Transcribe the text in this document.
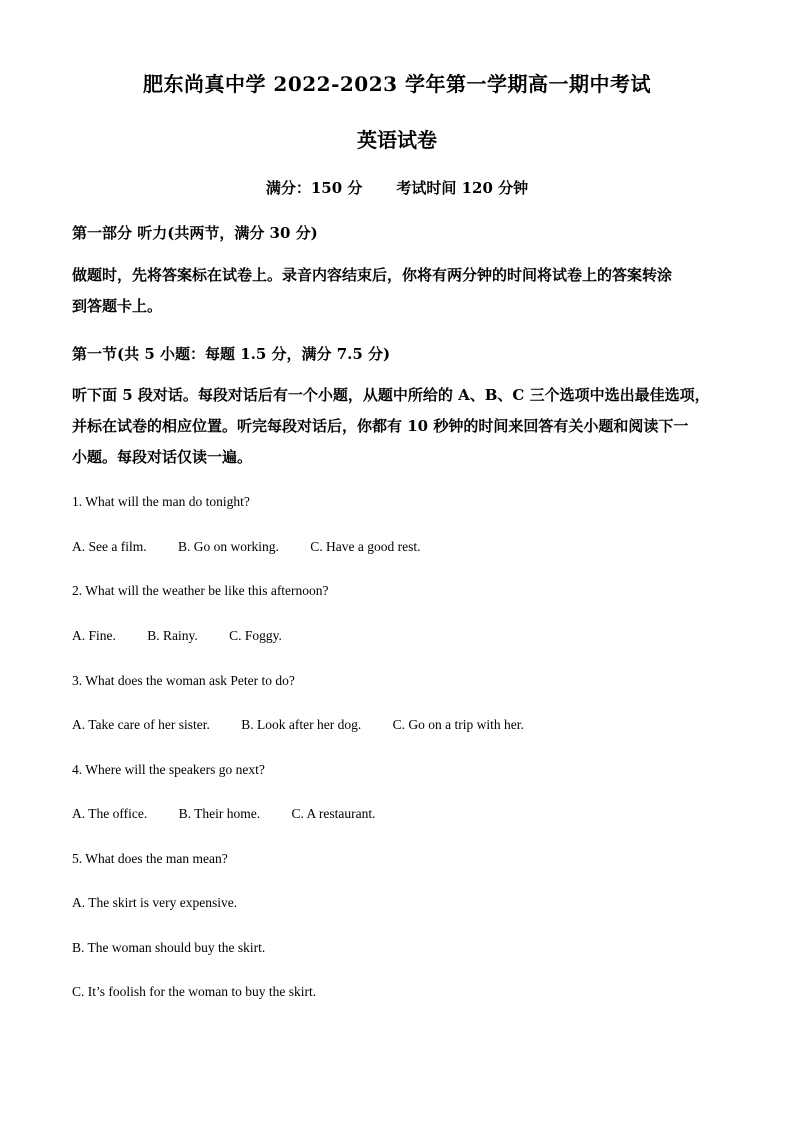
肥东尚真中学 2022-2023 学年第一学期高一期中考试
英语试卷
满分：150 分 考试时间 120 分钟
第一部分 听力(共两节，满分 30 分)
做题时，先将答案标在试卷上。录音内容结束后，你将有两分钟的时间将试卷上的答案转涂
到答题卡上。
第一节(共 5 小题：每题 1.5 分，满分 7.5 分)
听下面 5 段对话。每段对话后有一个小题，从题中所给的 A、B、C 三个选项中选出最佳选项，
并标在试卷的相应位置。听完每段对话后，你都有 10 秒钟的时间来回答有关小题和阅读下一
小题。每段对话仅读一遍。
1. What will the man do tonight?
A. See a film. B. Go on working. C. Have a good rest.
2. What will the weather be like this afternoon?
A. Fine. B. Rainy. C. Foggy.
3. What does the woman ask Peter to do?
A. Take care of her sister. B. Look after her dog. C. Go on a trip with her.
4. Where will the speakers go next?
A. The office. B. Their home. C. A restaurant.
5. What does the man mean?
A. The skirt is very expensive.
B. The woman should buy the skirt.
C. It’s foolish for the woman to buy the skirt.
